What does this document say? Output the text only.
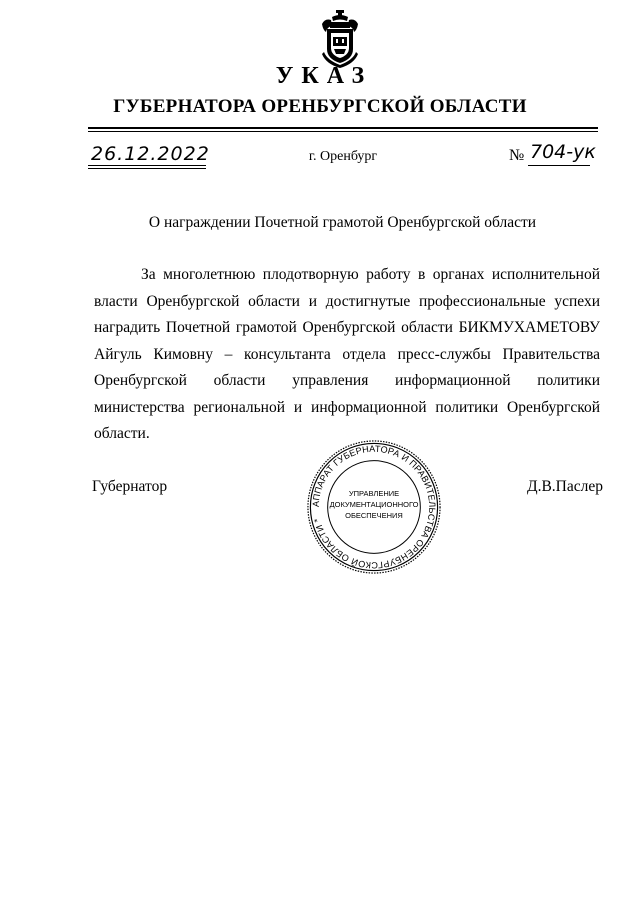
УКАЗ
ГУБЕРНАТОРА ОРЕНБУРГСКОЙ ОБЛАСТИ
26.12.2022	г. Оренбург	№ 704-ук
О награждении Почетной грамотой Оренбургской области
За многолетнюю плодотворную работу в органах исполнительной власти Оренбургской области и достигнутые профессиональные успехи наградить Почетной грамотой Оренбургской области БИКМУХАМЕТОВУ Айгуль Кимовну – консультанта отдела пресс-службы Правительства Оренбургской области управления информационной политики министерства региональной и информационной политики Оренбургской области.
Губернатор	Д.В.Паслер
АППАРАТ ГУБЕРНАТОРА И ПРАВИТЕЛЬСТВА ОРЕНБУРГСКОЙ ОБЛАСТИ *
УПРАВЛЕНИЕ
ДОКУМЕНТАЦИОННОГО
ОБЕСПЕЧЕНИЯ
